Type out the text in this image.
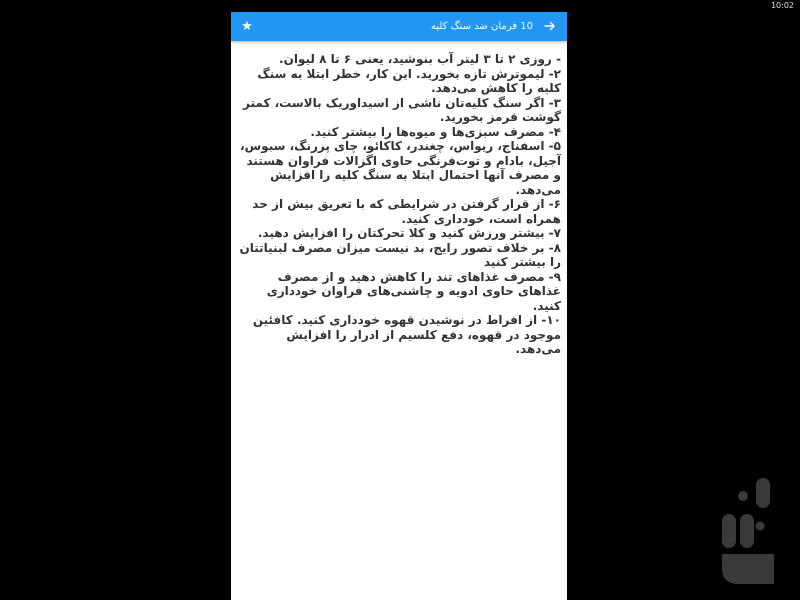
10:02
★	10 فرمان ضد سنگ کلیه

- روزی ۲ تا ۳ لیتر آب بنوشید، یعنی ۶ تا ۸ لیوان.

۲- لیموترش تازه بخورید. این کار، خطر ابتلا به سنگ کلیه را کاهش می‌دهد.

۳- اگر سنگ کلیه‌تان ناشی از اسیداوریک بالاست، کمتر گوشت قرمز بخورید.

۴- مصرف سبزی‌ها و میوه‌ها را بیشتر کنید.

۵- اسفناج، ریواس، چغندر، کاکائو، چای پررنگ، سبوس، آجیل، بادام و توت‌فرنگی حاوی اگزالات فراوان هستند و مصرف آنها احتمال ابتلا به سنگ کلیه را افزایش می‌دهد.

۶- از قرار گرفتن در شرایطی که با تعریق بیش از حد همراه است، خودداری کنید.

۷- بیشتر ورزش کنید و کلا تحرکتان را افزایش دهید.

۸- بر خلاف تصور رایج، بد نیست میزان مصرف لبنیاتتان را بیشتر کنید

۹- مصرف غذاهای تند را کاهش دهید و از مصرف غذاهای حاوی ادویه و چاشنی‌های فراوان خودداری کنید.

۱۰- از افراط در نوشیدن قهوه خودداری کنید. کافئین موجود در قهوه، دفع کلسیم از ادرار را افزایش می‌دهد.
